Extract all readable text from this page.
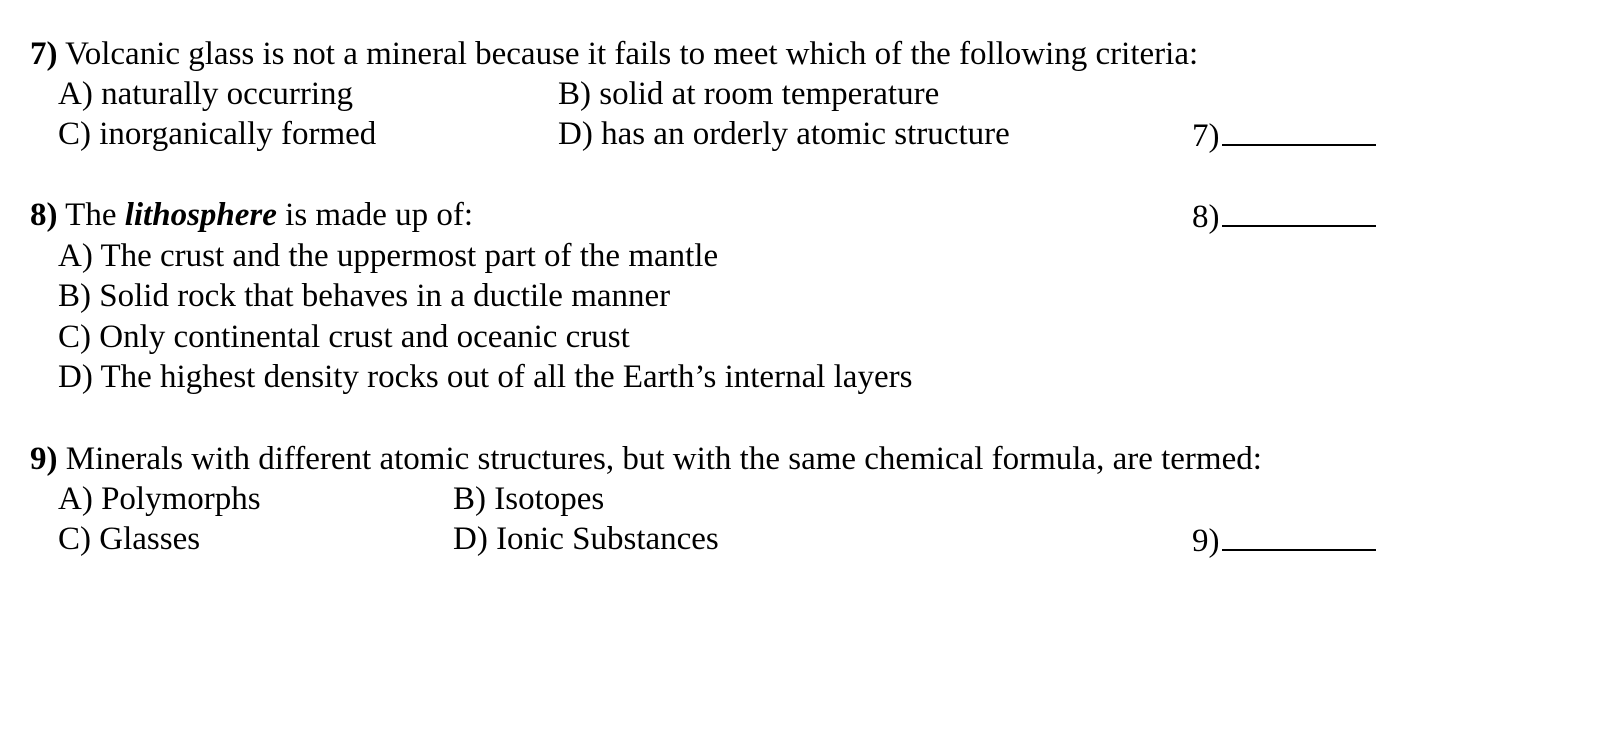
7) Volcanic glass is not a mineral because it fails to meet which of the following criteria:
A) naturally occurring	B) solid at room temperature
C) inorganically formed	D) has an orderly atomic structure	7)
8) The lithosphere is made up of:	8)
A) The crust and the uppermost part of the mantle
B) Solid rock that behaves in a ductile manner
C) Only continental crust and oceanic crust
D) The highest density rocks out of all the Earth’s internal layers
9) Minerals with different atomic structures, but with the same chemical formula, are termed:
A) Polymorphs	B) Isotopes
C) Glasses	D) Ionic Substances	9)
